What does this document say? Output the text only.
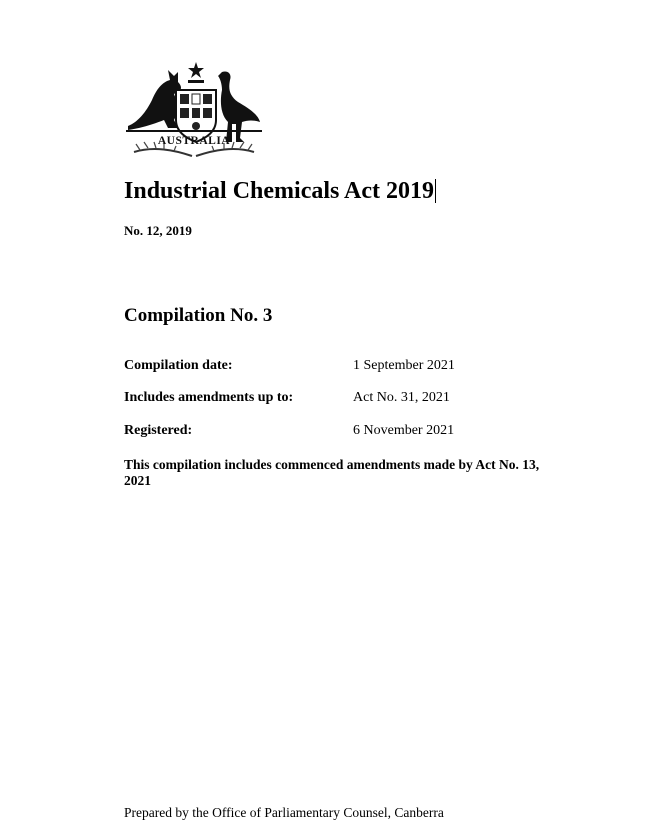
AUSTRALIA
Industrial Chemicals Act 2019
No. 12, 2019
Compilation No. 3
Compilation date:	1 September 2021
Includes amendments up to:	Act No. 31, 2021
Registered:	6 November 2021
This compilation includes commenced amendments made by Act No. 13, 2021
Prepared by the Office of Parliamentary Counsel, Canberra
